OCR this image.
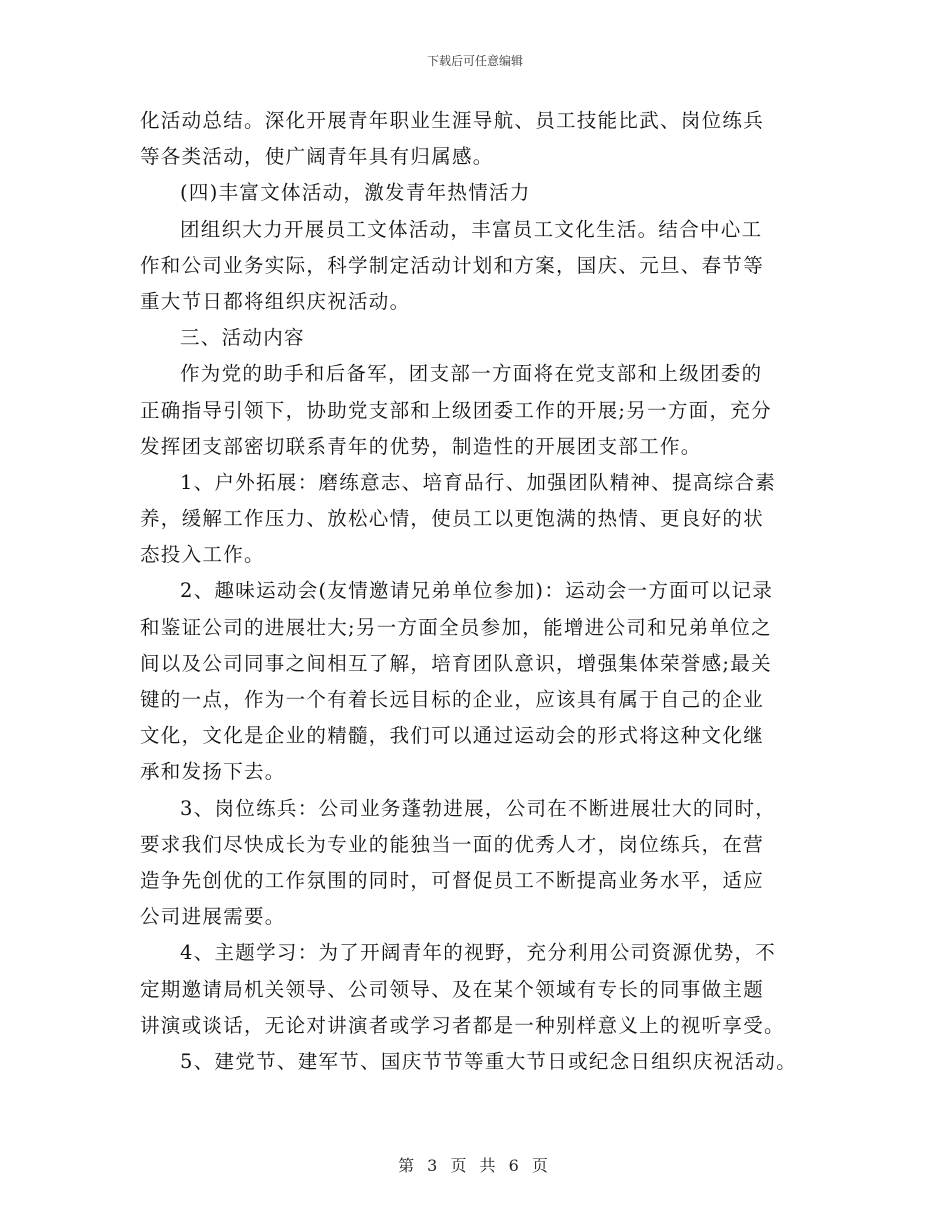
下载后可任意编辑
化活动总结。深化开展青年职业生涯导航、员工技能比武、岗位练兵
等各类活动，使广阔青年具有归属感。
(四)丰富文体活动，激发青年热情活力
团组织大力开展员工文体活动，丰富员工文化生活。结合中心工
作和公司业务实际，科学制定活动计划和方案，国庆、元旦、春节等
重大节日都将组织庆祝活动。
三、活动内容
作为党的助手和后备军，团支部一方面将在党支部和上级团委的
正确指导引领下，协助党支部和上级团委工作的开展;另一方面，充分
发挥团支部密切联系青年的优势，制造性的开展团支部工作。
1、户外拓展：磨练意志、培育品行、加强团队精神、提高综合素
养，缓解工作压力、放松心情，使员工以更饱满的热情、更良好的状
态投入工作。
2、趣味运动会(友情邀请兄弟单位参加)：运动会一方面可以记录
和鉴证公司的进展壮大;另一方面全员参加，能增进公司和兄弟单位之
间以及公司同事之间相互了解，培育团队意识，增强集体荣誉感;最关
键的一点，作为一个有着长远目标的企业，应该具有属于自己的企业
文化，文化是企业的精髓，我们可以通过运动会的形式将这种文化继
承和发扬下去。
3、岗位练兵：公司业务蓬勃进展，公司在不断进展壮大的同时，
要求我们尽快成长为专业的能独当一面的优秀人才，岗位练兵，在营
造争先创优的工作氛围的同时，可督促员工不断提高业务水平，适应
公司进展需要。
4、主题学习：为了开阔青年的视野，充分利用公司资源优势，不
定期邀请局机关领导、公司领导、及在某个领域有专长的同事做主题
讲演或谈话，无论对讲演者或学习者都是一种别样意义上的视听享受。
5、建党节、建军节、国庆节节等重大节日或纪念日组织庆祝活动。
第 3 页 共 6 页
